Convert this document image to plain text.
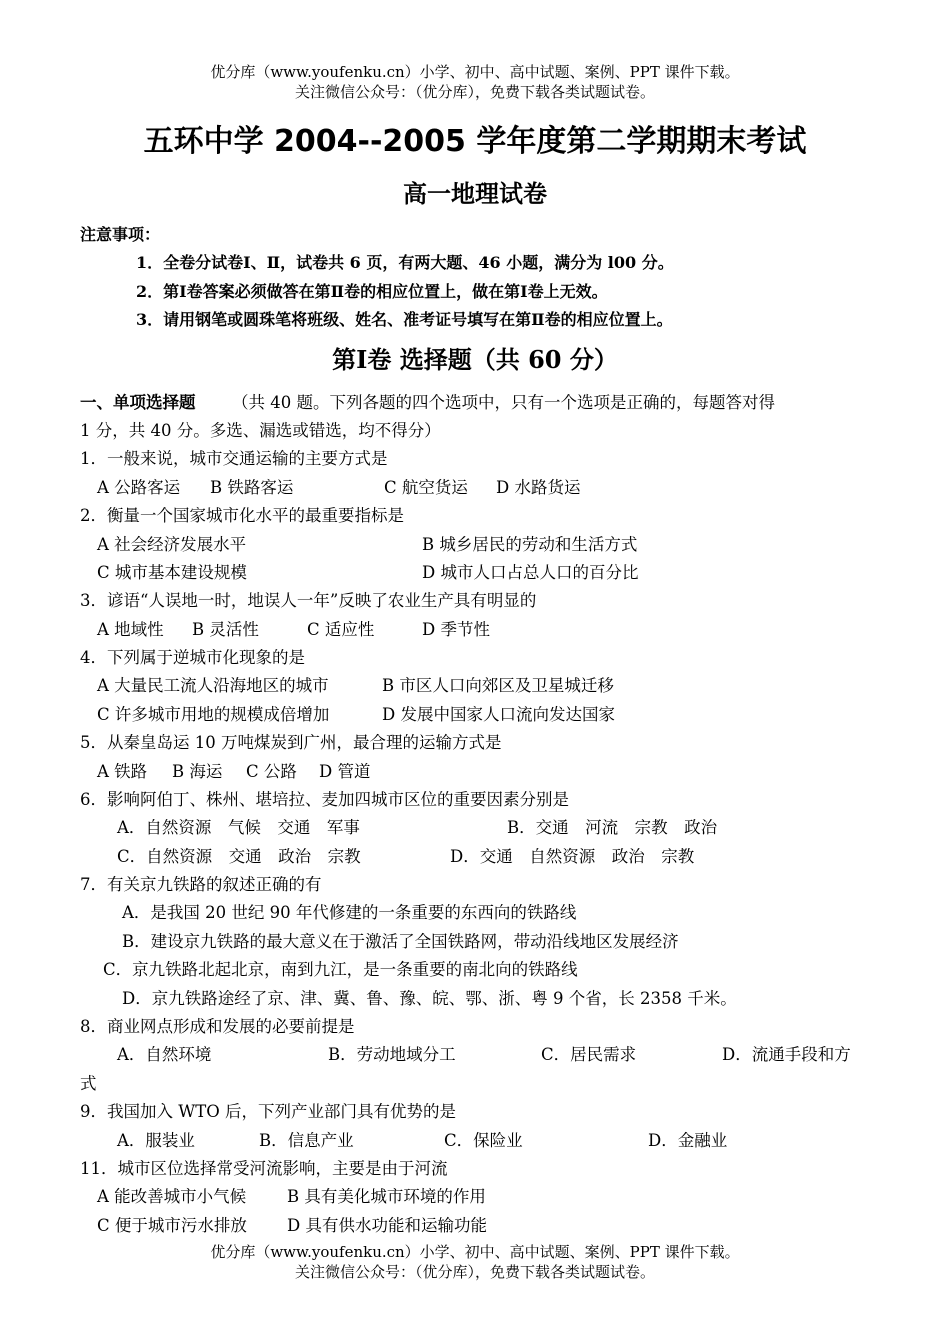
优分库（www.youfenku.cn）小学、初中、高中试题、案例、PPT 课件下载。
关注微信公众号：（优分库），免费下载各类试题试卷。
五环中学 2004--2005 学年度第二学期期末考试
高一地理试卷
注意事项：
1．全卷分试卷Ⅰ、Ⅱ，试卷共 6 页，有两大题、46 小题，满分为 l00 分。
2．第Ⅰ卷答案必须做答在第Ⅱ卷的相应位置上，做在第Ⅰ卷上无效。
3．请用钢笔或圆珠笔将班级、姓名、准考证号填写在第Ⅱ卷的相应位置上。
第Ⅰ卷 选择题（共 60 分）
一、单项选择题 （共 40 题。下列各题的四个选项中，只有一个选项是正确的，每题答对得
1 分，共 40 分。多选、漏选或错选，均不得分）
1．一般来说，城市交通运输的主要方式是
A 公路客运 B 铁路客运	C 航空货运 D 水路货运
2．衡量一个国家城市化水平的最重要指标是
A 社会经济发展水平	B 城乡居民的劳动和生活方式
C 城市基本建设规模	D 城市人口占总人口的百分比
3．谚语“人误地一时，地误人一年”反映了农业生产具有明显的
A 地域性 B 灵活性	C 适应性	D 季节性
4．下列属于逆城市化现象的是
A 大量民工流人沿海地区的城市	B 市区人口向郊区及卫星城迁移
C 许多城市用地的规模成倍增加	D 发展中国家人口流向发达国家
5．从秦皇岛运 10 万吨煤炭到广州，最合理的运输方式是
A 铁路 B 海运 C 公路 D 管道
6．影响阿伯丁、株州、堪培拉、麦加四城市区位的重要因素分别是
A．自然资源　气候　交通　军事	B．交通　河流　宗教　政治
C．自然资源　交通　政治　宗教	D．交通　自然资源　政治　宗教
7．有关京九铁路的叙述正确的有
A．是我国 20 世纪 90 年代修建的一条重要的东西向的铁路线
B．建设京九铁路的最大意义在于激活了全国铁路网，带动沿线地区发展经济
C．京九铁路北起北京，南到九江，是一条重要的南北向的铁路线
D．京九铁路途经了京、津、冀、鲁、豫、皖、鄂、浙、粤 9 个省，长 2358 千米。
8．商业网点形成和发展的必要前提是
A．自然环境	B．劳动地域分工	C．居民需求	D．流通手段和方
式
9．我国加入 WTO 后，下列产业部门具有优势的是
A．服装业	B．信息产业	C．保险业	D．金融业
11．城市区位选择常受河流影响，主要是由于河流
A 能改善城市小气候 B 具有美化城市环境的作用
C 便于城市污水排放 D 具有供水功能和运输功能
优分库（www.youfenku.cn）小学、初中、高中试题、案例、PPT 课件下载。
关注微信公众号：（优分库），免费下载各类试题试卷。
